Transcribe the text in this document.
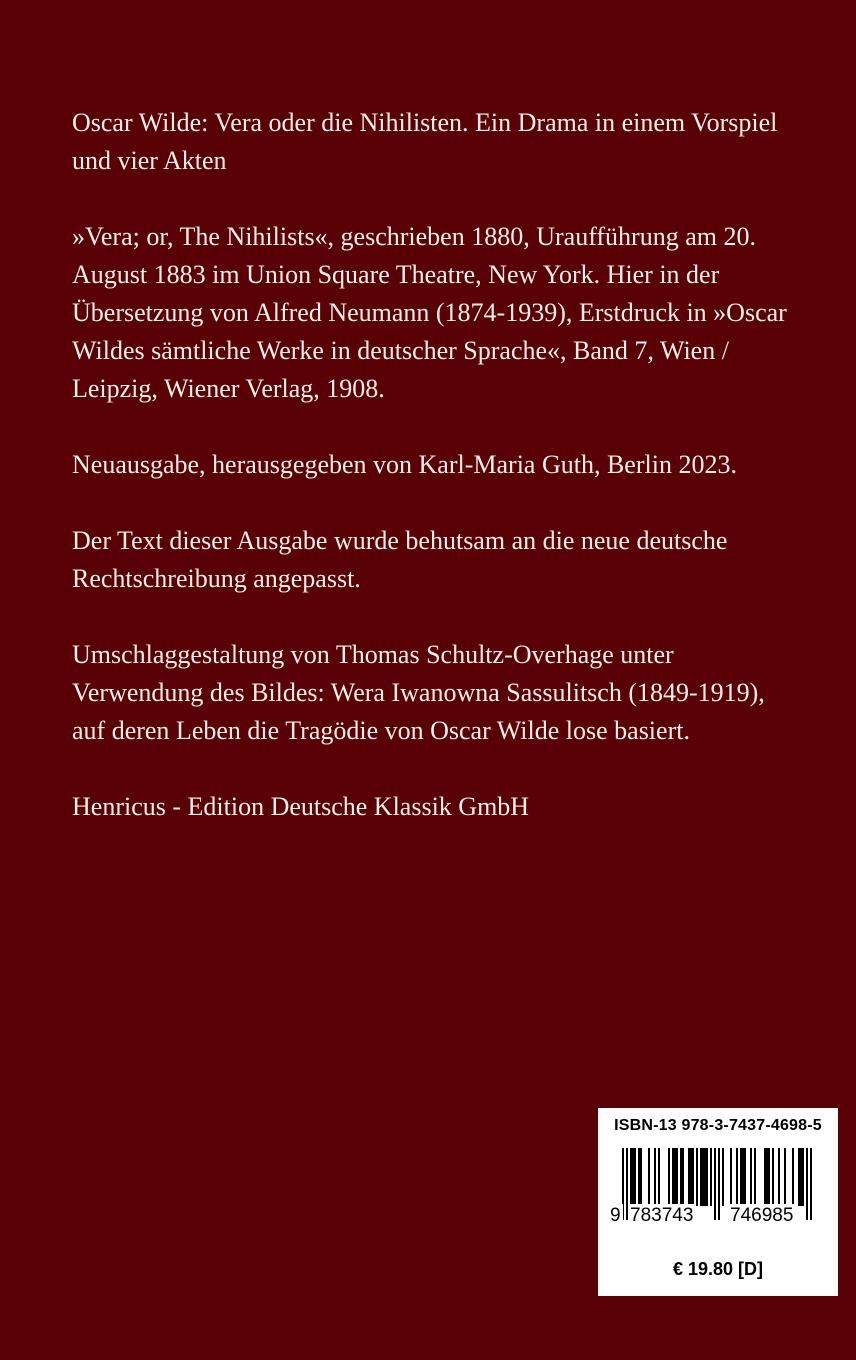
Oscar Wilde: Vera oder die Nihilisten. Ein Drama in einem Vorspiel und vier Akten

»Vera; or, The Nihilists«, geschrieben 1880, Uraufführung am 20. August 1883 im Union Square Theatre, New York. Hier in der Übersetzung von Alfred Neumann (1874-1939), Erstdruck in »Oscar Wildes sämtliche Werke in deutscher Sprache«, Band 7, Wien / Leipzig, Wiener Verlag, 1908.

Neuausgabe, herausgegeben von Karl-Maria Guth, Berlin 2023.

Der Text dieser Ausgabe wurde behutsam an die neue deutsche Rechtschreibung angepasst.

Umschlaggestaltung von Thomas Schultz-Overhage unter Verwendung des Bildes: Wera Iwanowna Sassulitsch (1849-1919), auf deren Leben die Tragödie von Oscar Wilde lose basiert.

Henricus - Edition Deutsche Klassik GmbH

ISBN-13 978-3-7437-4698-5
9 783743 746985
€ 19.80 [D]
